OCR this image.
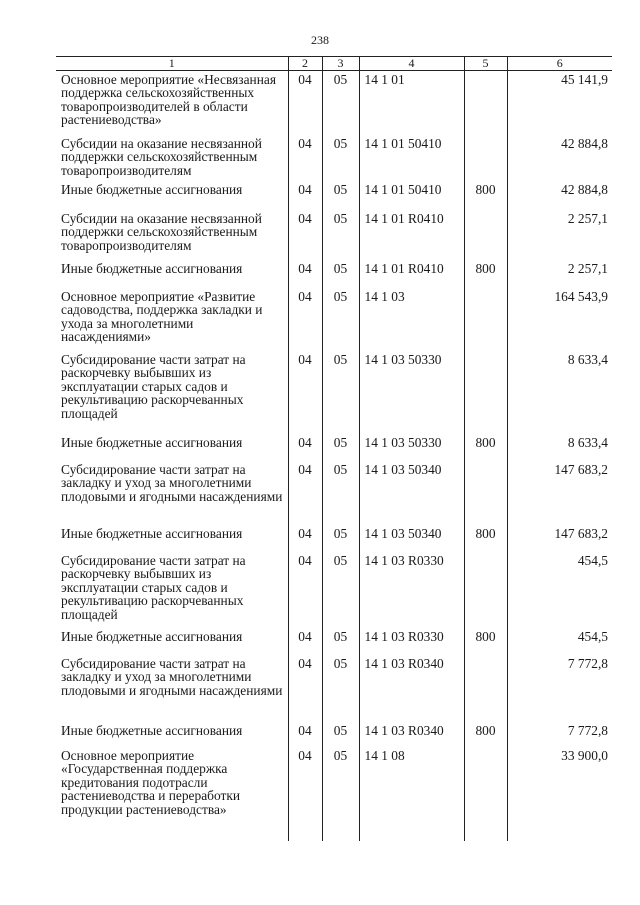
238
1	2	3	4	5	6
Основное мероприятие «Несвязанная поддержка сельскохозяйственных товаропроизводителей в области растениеводства»	04	05	14 1 01		45 141,9
Субсидии на оказание несвязанной поддержки сельскохозяйственным товаропроизводителям	04	05	14 1 01 50410		42 884,8
Иные бюджетные ассигнования	04	05	14 1 01 50410	800	42 884,8
Субсидии на оказание несвязанной поддержки сельскохозяйственным товаропроизводителям	04	05	14 1 01 R0410		2 257,1
Иные бюджетные ассигнования	04	05	14 1 01 R0410	800	2 257,1
Основное мероприятие «Развитие садоводства, поддержка закладки и ухода за многолетними насаждениями»	04	05	14 1 03		164 543,9
Субсидирование части затрат на раскорчевку выбывших из эксплуатации старых садов и рекультивацию раскорчеванных площадей	04	05	14 1 03 50330		8 633,4
Иные бюджетные ассигнования	04	05	14 1 03 50330	800	8 633,4
Субсидирование части затрат на закладку и уход за многолетними плодовыми и ягодными насаждениями	04	05	14 1 03 50340		147 683,2
Иные бюджетные ассигнования	04	05	14 1 03 50340	800	147 683,2
Субсидирование части затрат на раскорчевку выбывших из эксплуатации старых садов и рекультивацию раскорчеванных площадей	04	05	14 1 03 R0330		454,5
Иные бюджетные ассигнования	04	05	14 1 03 R0330	800	454,5
Субсидирование части затрат на закладку и уход за многолетними плодовыми и ягодными насаждениями	04	05	14 1 03 R0340		7 772,8
Иные бюджетные ассигнования	04	05	14 1 03 R0340	800	7 772,8
Основное мероприятие «Государственная поддержка кредитования подотрасли растениеводства и переработки продукции растениеводства»	04	05	14 1 08		33 900,0
